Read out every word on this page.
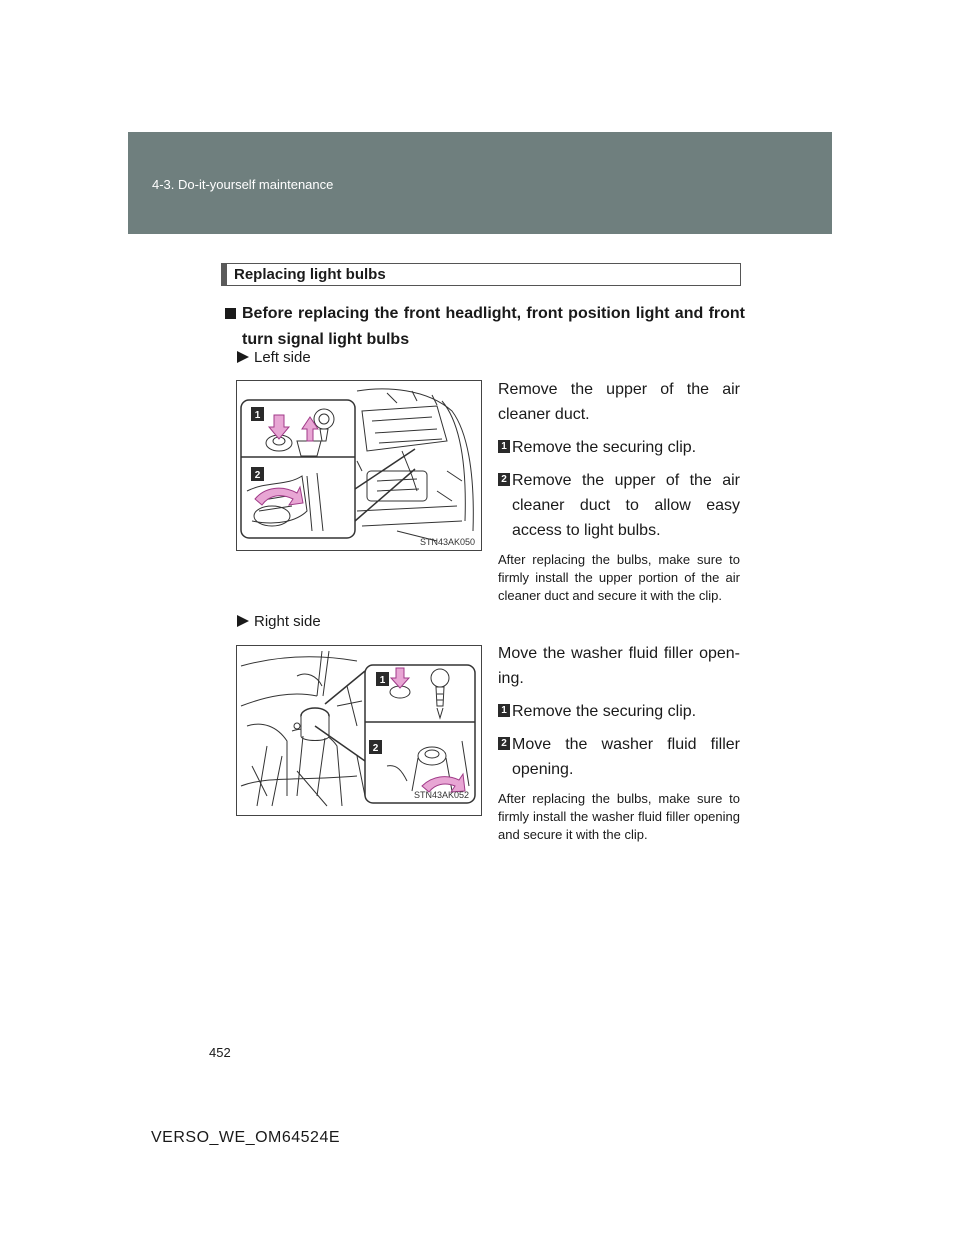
4-3. Do-it-yourself maintenance
Replacing light bulbs
Before replacing the front headlight, front position light and front turn signal light bulbs
Left side
1
2
STN43AK050
Remove the upper of the air cleaner duct.
1 Remove the securing clip.
2 Remove the upper of the air cleaner duct to allow easy access to light bulbs.
After replacing the bulbs, make sure to firmly install the upper portion of the air cleaner duct and secure it with the clip.
Right side
1
2
STN43AK052
Move the washer fluid filler open-ing.
1 Remove the securing clip.
2 Move the washer fluid filler opening.
After replacing the bulbs, make sure to firmly install the washer fluid filler opening and secure it with the clip.
452
VERSO_WE_OM64524E
